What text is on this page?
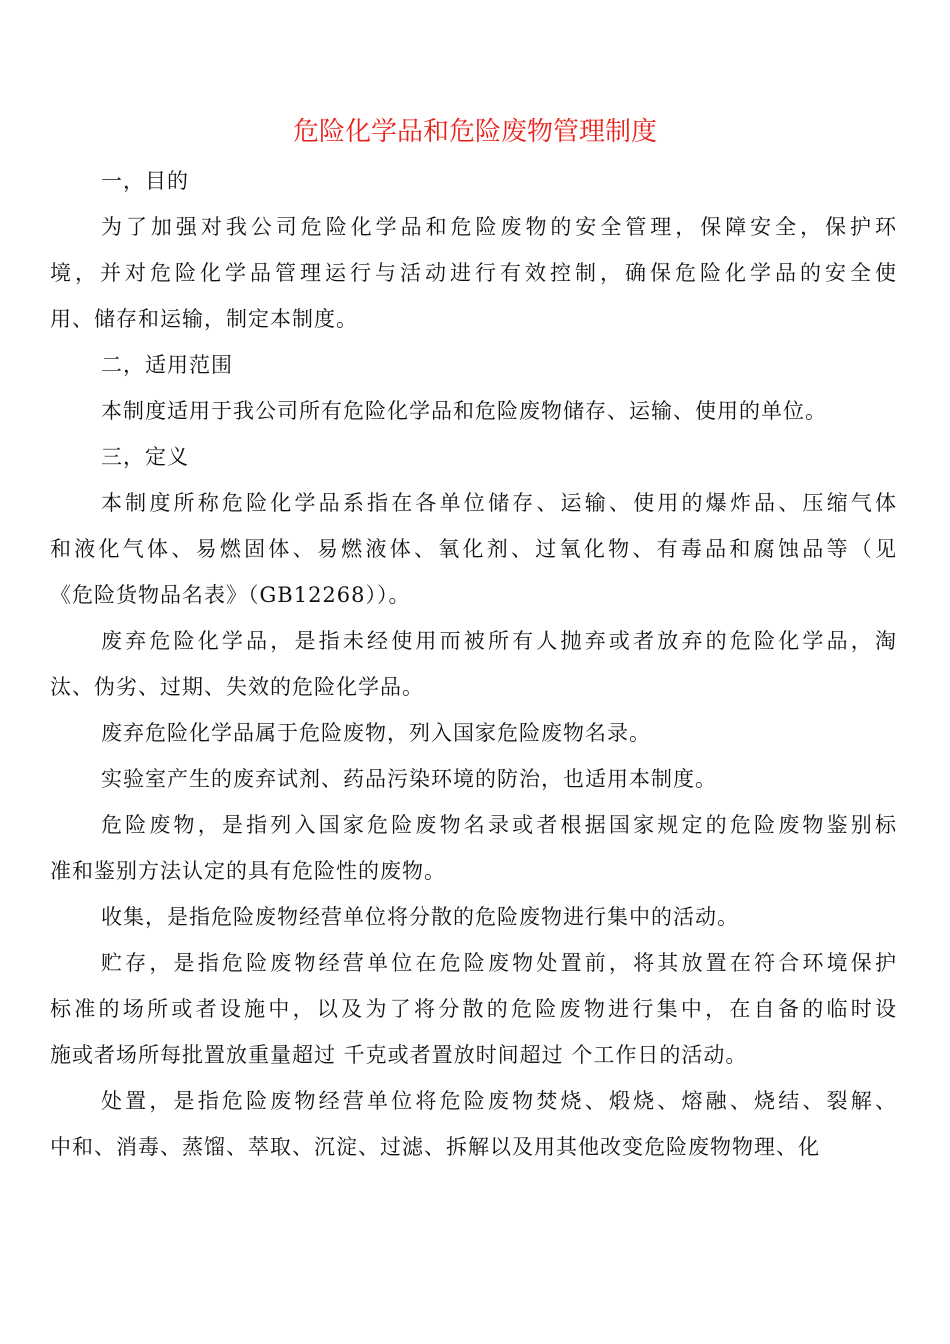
危险化学品和危险废物管理制度
一，目的
为了加强对我公司危险化学品和危险废物的安全管理，保障安全，保护环
境，并对危险化学品管理运行与活动进行有效控制，确保危险化学品的安全使
用、储存和运输，制定本制度。
二，适用范围
本制度适用于我公司所有危险化学品和危险废物储存、运输、使用的单位。
三，定义
本制度所称危险化学品系指在各单位储存、运输、使用的爆炸品、压缩气体
和液化气体、易燃固体、易燃液体、氧化剂、过氧化物、有毒品和腐蚀品等（见
《危险货物品名表》（GB12268））。
废弃危险化学品，是指未经使用而被所有人抛弃或者放弃的危险化学品，淘
汰、伪劣、过期、失效的危险化学品。
废弃危险化学品属于危险废物，列入国家危险废物名录。
实验室产生的废弃试剂、药品污染环境的防治，也适用本制度。
危险废物，是指列入国家危险废物名录或者根据国家规定的危险废物鉴别标
准和鉴别方法认定的具有危险性的废物。
收集，是指危险废物经营单位将分散的危险废物进行集中的活动。
贮存，是指危险废物经营单位在危险废物处置前，将其放置在符合环境保护
标准的场所或者设施中，以及为了将分散的危险废物进行集中，在自备的临时设
施或者场所每批置放重量超过 千克或者置放时间超过 个工作日的活动。
处置，是指危险废物经营单位将危险废物焚烧、煅烧、熔融、烧结、裂解、
中和、消毒、蒸馏、萃取、沉淀、过滤、拆解以及用其他改变危险废物物理、化
